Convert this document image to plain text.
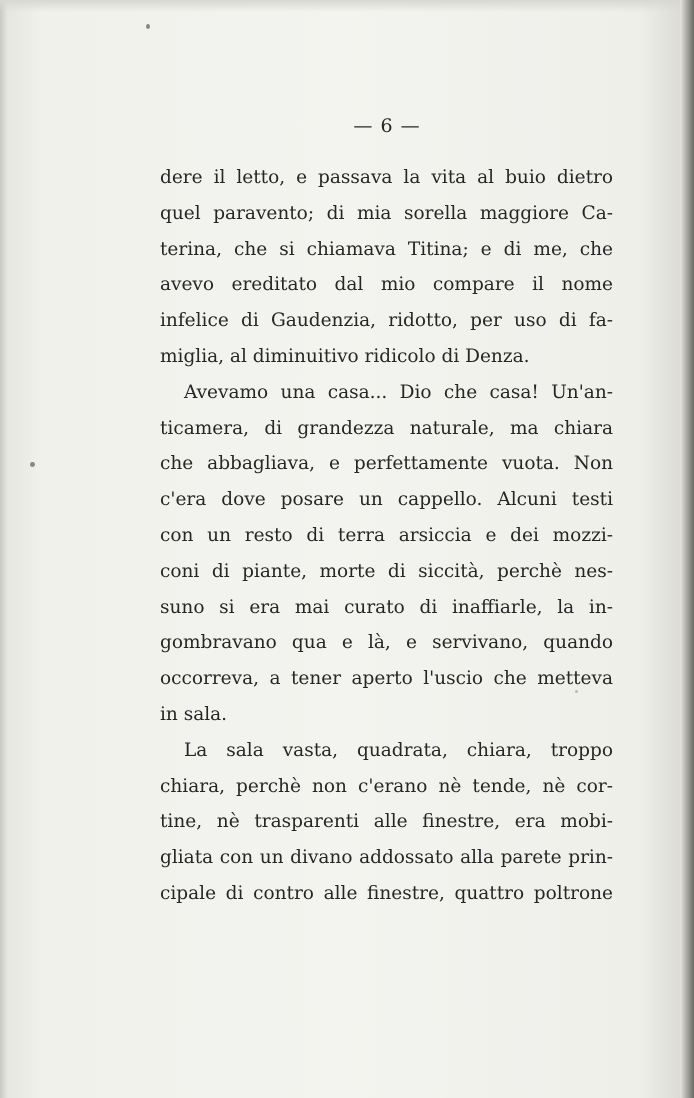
— 6 —
dere il letto, e passava la vita al buio dietro
quel paravento; di mia sorella maggiore Ca-
terina, che si chiamava Titina; e di me, che
avevo ereditato dal mio compare il nome
infelice di Gaudenzia, ridotto, per uso di fa-
miglia, al diminuitivo ridicolo di Denza.
Avevamo una casa... Dio che casa! Un'an-
ticamera, di grandezza naturale, ma chiara
che abbagliava, e perfettamente vuota. Non
c'era dove posare un cappello. Alcuni testi
con un resto di terra arsiccia e dei mozzi-
coni di piante, morte di siccità, perchè nes-
suno si era mai curato di inaffiarle, la in-
gombravano qua e là, e servivano, quando
occorreva, a tener aperto l'uscio che metteva
in sala.
La sala vasta, quadrata, chiara, troppo
chiara, perchè non c'erano nè tende, nè cor-
tine, nè trasparenti alle finestre, era mobi-
gliata con un divano addossato alla parete prin-
cipale di contro alle finestre, quattro poltrone
